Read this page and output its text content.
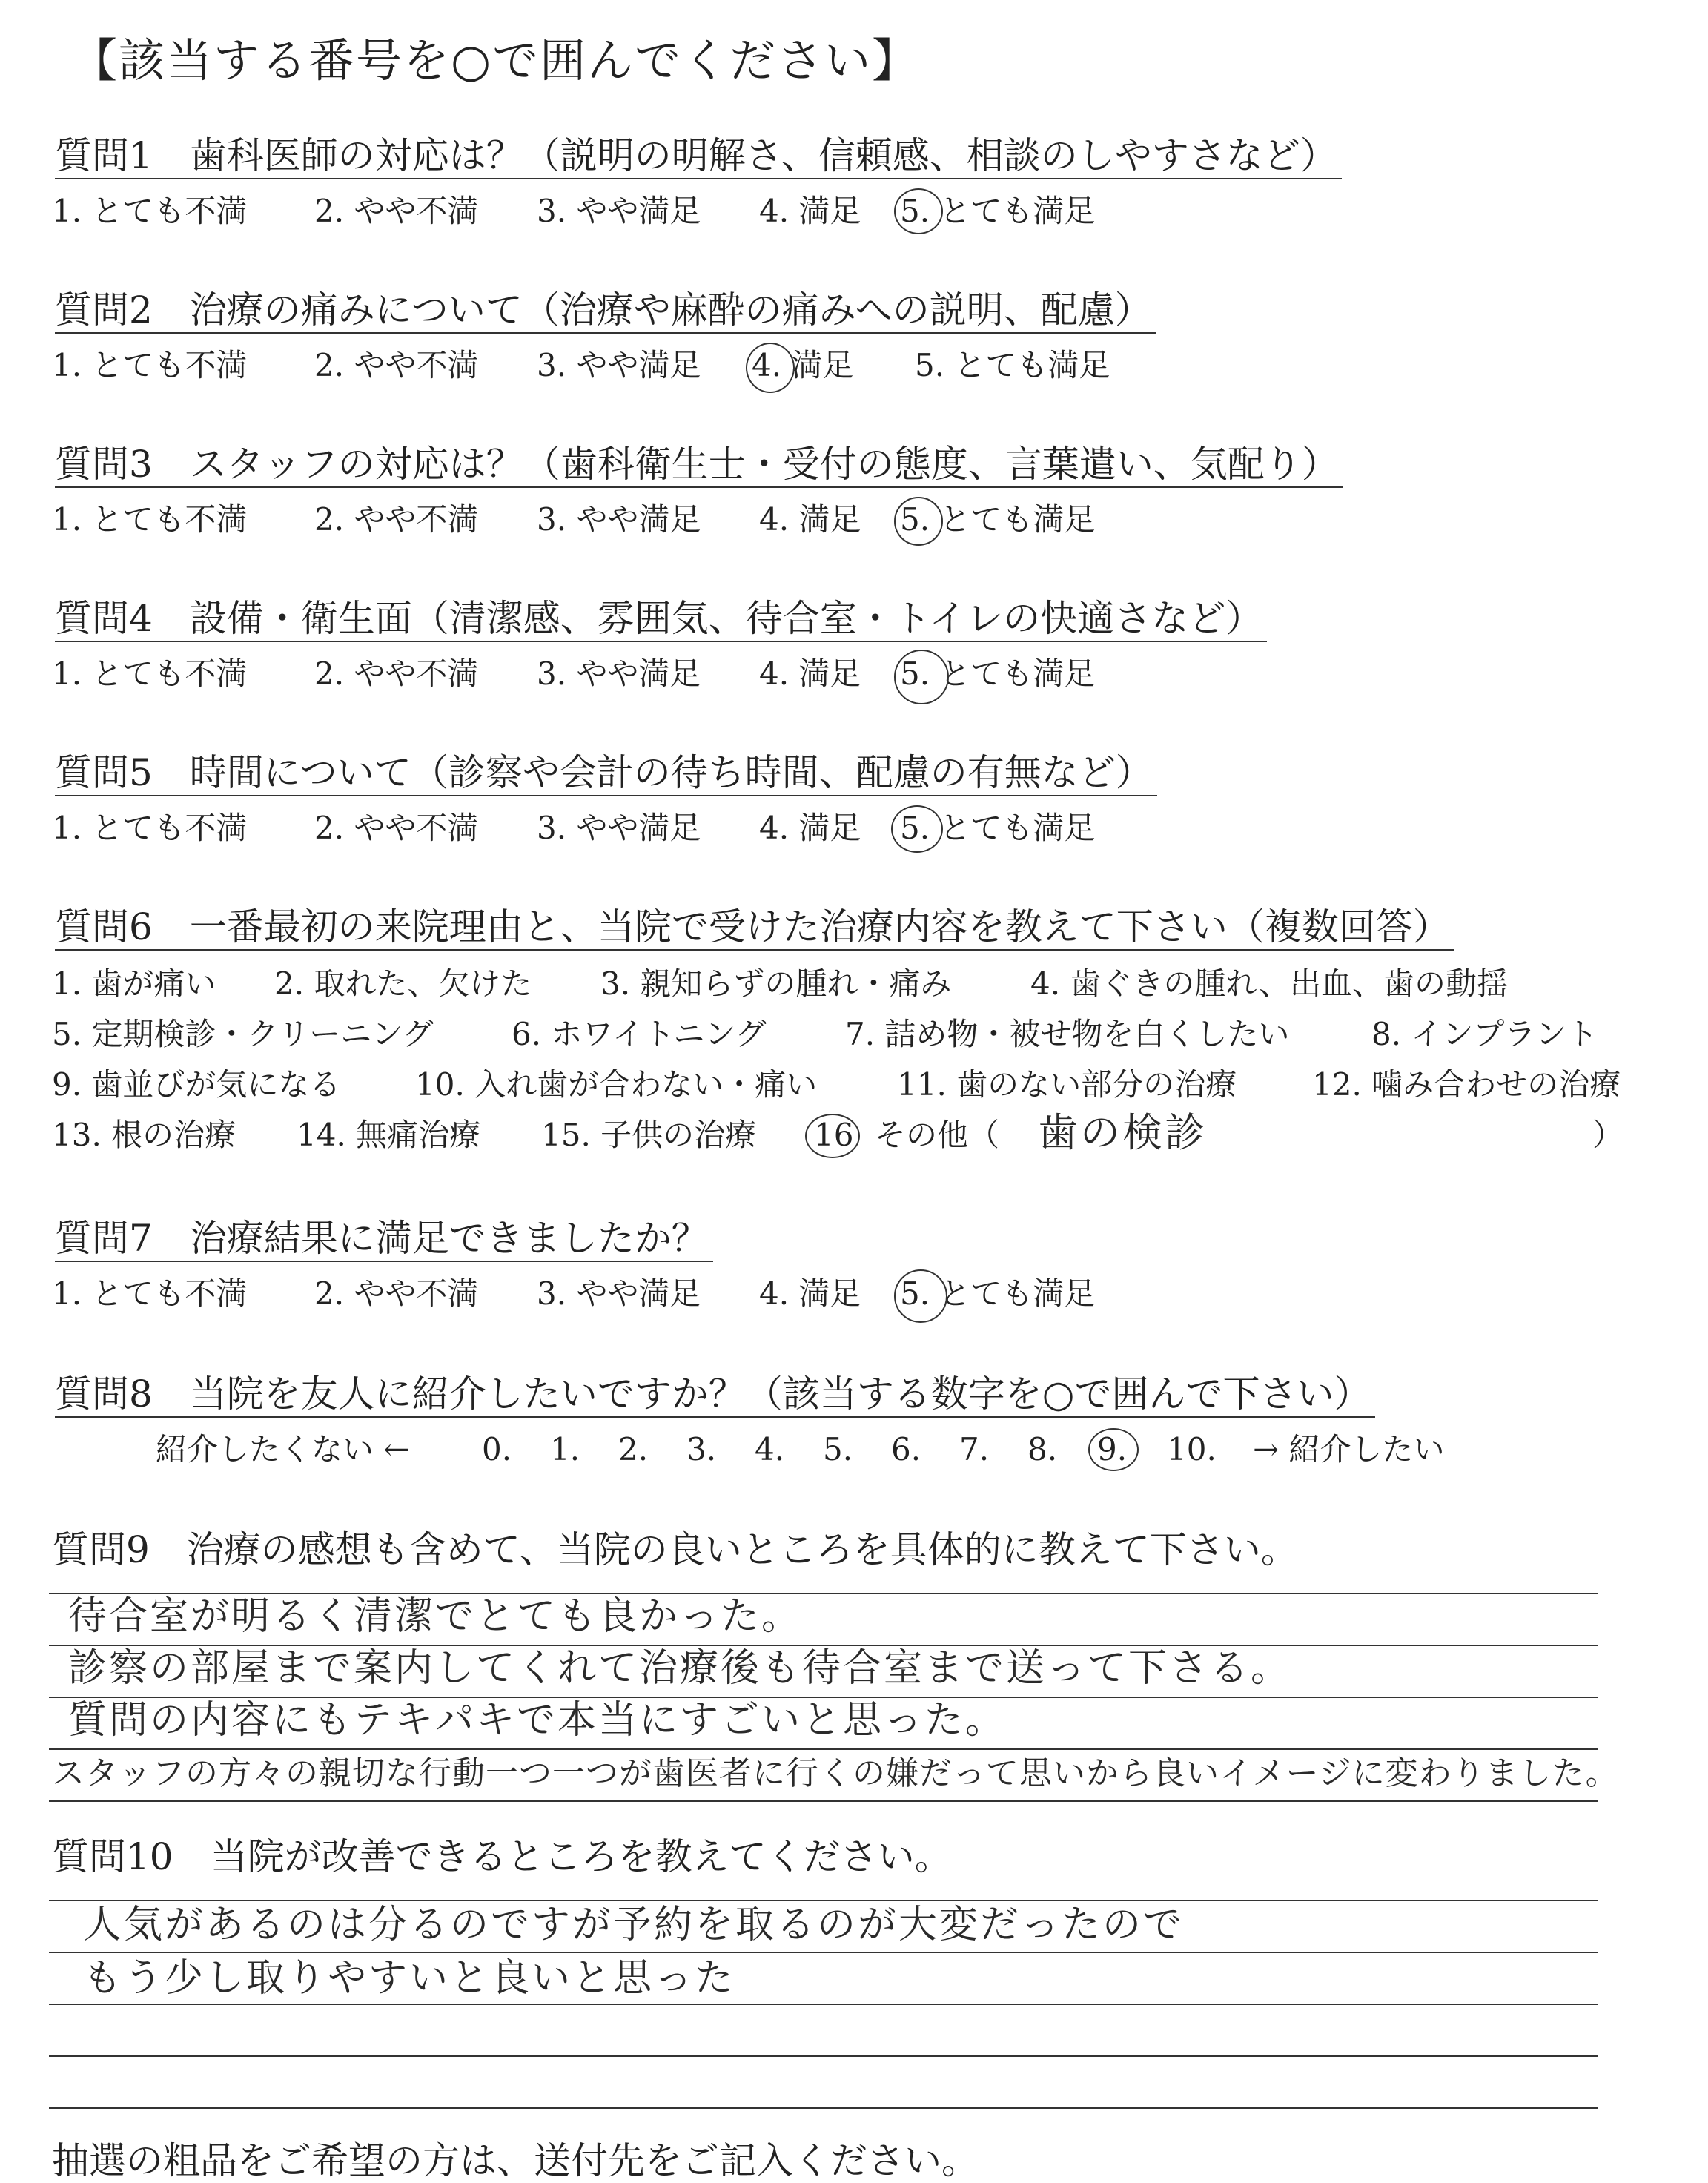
【該当する番号を○で囲んでください】
質問1　歯科医師の対応は？（説明の明解さ、信頼感、相談のしやすさなど）
1. とても不満 2. やや不満 3. やや満足 4. 満足 5. とても満足
質問2　治療の痛みについて（治療や麻酔の痛みへの説明、配慮）
1. とても不満 2. やや不満 3. やや満足 4. 満足 5. とても満足
質問3　スタッフの対応は？（歯科衛生士・受付の態度、言葉遣い、気配り）
1. とても不満 2. やや不満 3. やや満足 4. 満足 5. とても満足
質問4　設備・衛生面（清潔感、雰囲気、待合室・トイレの快適さなど）
1. とても不満 2. やや不満 3. やや満足 4. 満足 5. とても満足
質問5　時間について（診察や会計の待ち時間、配慮の有無など）
1. とても不満 2. やや不満 3. やや満足 4. 満足 5. とても満足
質問6　一番最初の来院理由と、当院で受けた治療内容を教えて下さい（複数回答）
1. 歯が痛い 2. 取れた、欠けた 3. 親知らずの腫れ・痛み	4. 歯ぐきの腫れ、出血、歯の動揺
5. 定期検診・クリーニング	6. ホワイトニング	7. 詰め物・被せ物を白くしたい	8. インプラント
9. 歯並びが気になる 10. 入れ歯が合わない・痛い	11. 歯のない部分の治療 12. 噛み合わせの治療
13. 根の治療 14. 無痛治療 15. 子供の治療 16 その他（ 歯の検診	）
質問7　治療結果に満足できましたか？
1. とても不満 2. やや不満 3. やや満足 4. 満足 5. とても満足
質問8　当院を友人に紹介したいですか？（該当する数字を○で囲んで下さい）
紹介したくない ← 0. 1. 2. 3. 4. 5. 6. 7. 8. 9. 10. → 紹介したい
質問9　治療の感想も含めて、当院の良いところを具体的に教えて下さい。
待合室が明るく清潔でとても良かった。
診察の部屋まで案内してくれて治療後も待合室まで送って下さる。
質問の内容にもテキパキで本当にすごいと思った。
スタッフの方々の親切な行動一つ一つが歯医者に行くの嫌だって思いから良いイメージに変わりました。
質問10　当院が改善できるところを教えてください。
人気があるのは分るのですが予約を取るのが大変だったので
もう少し取りやすいと良いと思った
抽選の粗品をご希望の方は、送付先をご記入ください。
